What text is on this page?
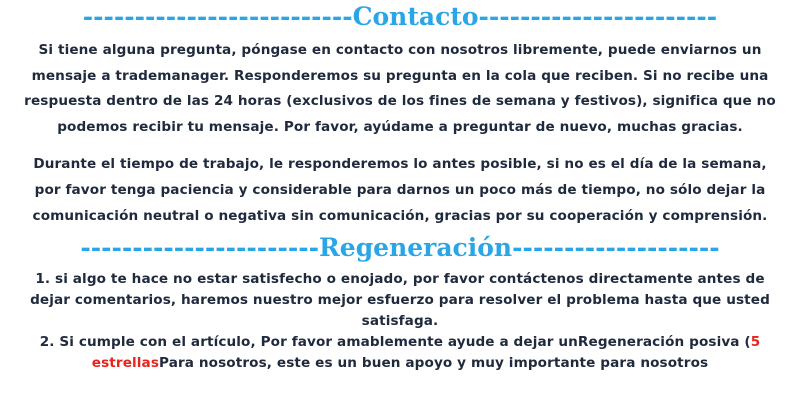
--------------------------Contacto-----------------------
Si tiene alguna pregunta, póngase en contacto con nosotros libremente, puede enviarnos un mensaje a trademanager. Responderemos su pregunta en la cola que reciben. Si no recibe una respuesta dentro de las 24 horas (exclusivos de los fines de semana y festivos), significa que no podemos recibir tu mensaje. Por favor, ayúdame a preguntar de nuevo, muchas gracias.
Durante el tiempo de trabajo, le responderemos lo antes posible, si no es el día de la semana, por favor tenga paciencia y considerable para darnos un poco más de tiempo, no sólo dejar la comunicación neutral o negativa sin comunicación, gracias por su cooperación y comprensión.
-----------------------Regeneración--------------------
1. si algo te hace no estar satisfecho o enojado, por favor contáctenos directamente antes de dejar comentarios, haremos nuestro mejor esfuerzo para resolver el problema hasta que usted satisfaga.
2. Si cumple con el artículo, Por favor amablemente ayude a dejar unRegeneración posiva (5 estrellasPara nosotros, este es un buen apoyo y muy importante para nosotros
